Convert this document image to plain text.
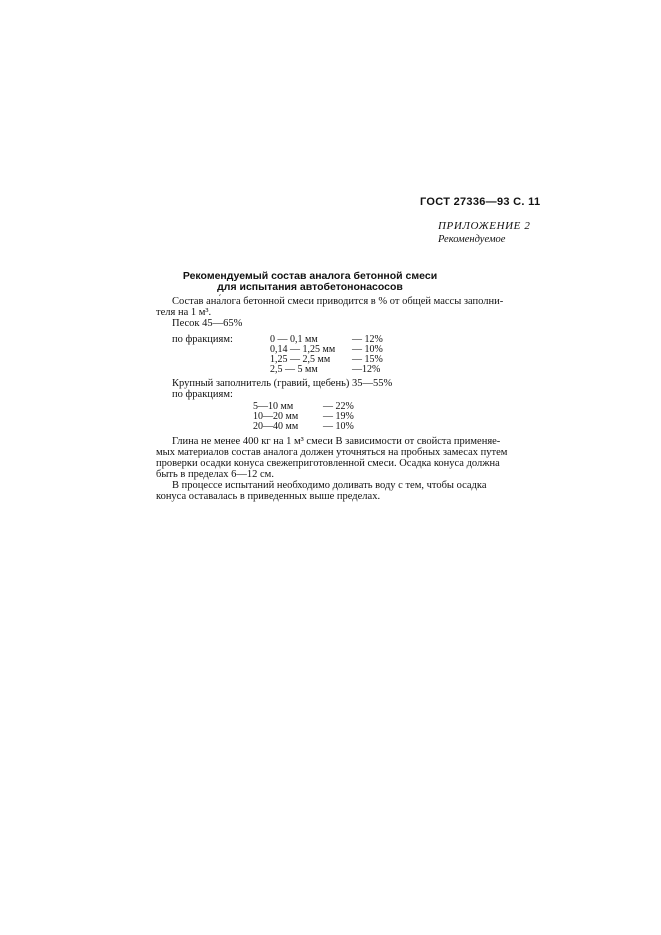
ГОСТ 27336—93 С. 11
ПРИЛОЖЕНИЕ 2
Рекомендуемое
Рекомендуемый состав аналога бетонной смеси
для испытания автобетононасосов
Состав ана́лога бетонной смеси приводится в % от общей массы заполни-
теля на 1 м³.
Песок 45—65%
по фракциям:	0 — 0,1 мм	— 12%
0,14 — 1,25 мм — 10%
1,25 — 2,5 мм — 15%
2,5 — 5 мм	—12%
Крупный заполнитель (гравий, щебень) 35—55%
по фракциям:
5—10 мм	— 22%
10—20 мм — 19%
20—40 мм — 10%
Глина не менее 400 кг на 1 м³ смеси В зависимости от свойста применяе-
мых материалов состав аналога должен уточняться на пробных замесах путем
проверки осадки конуса свежеприготовленной смеси. Осадка конуса должна
быть в пределах 6—12 см.
В процессе испытаний необходимо доливать воду с тем, чтобы осадка
конуса оставалась в приведенных выше пределах.
